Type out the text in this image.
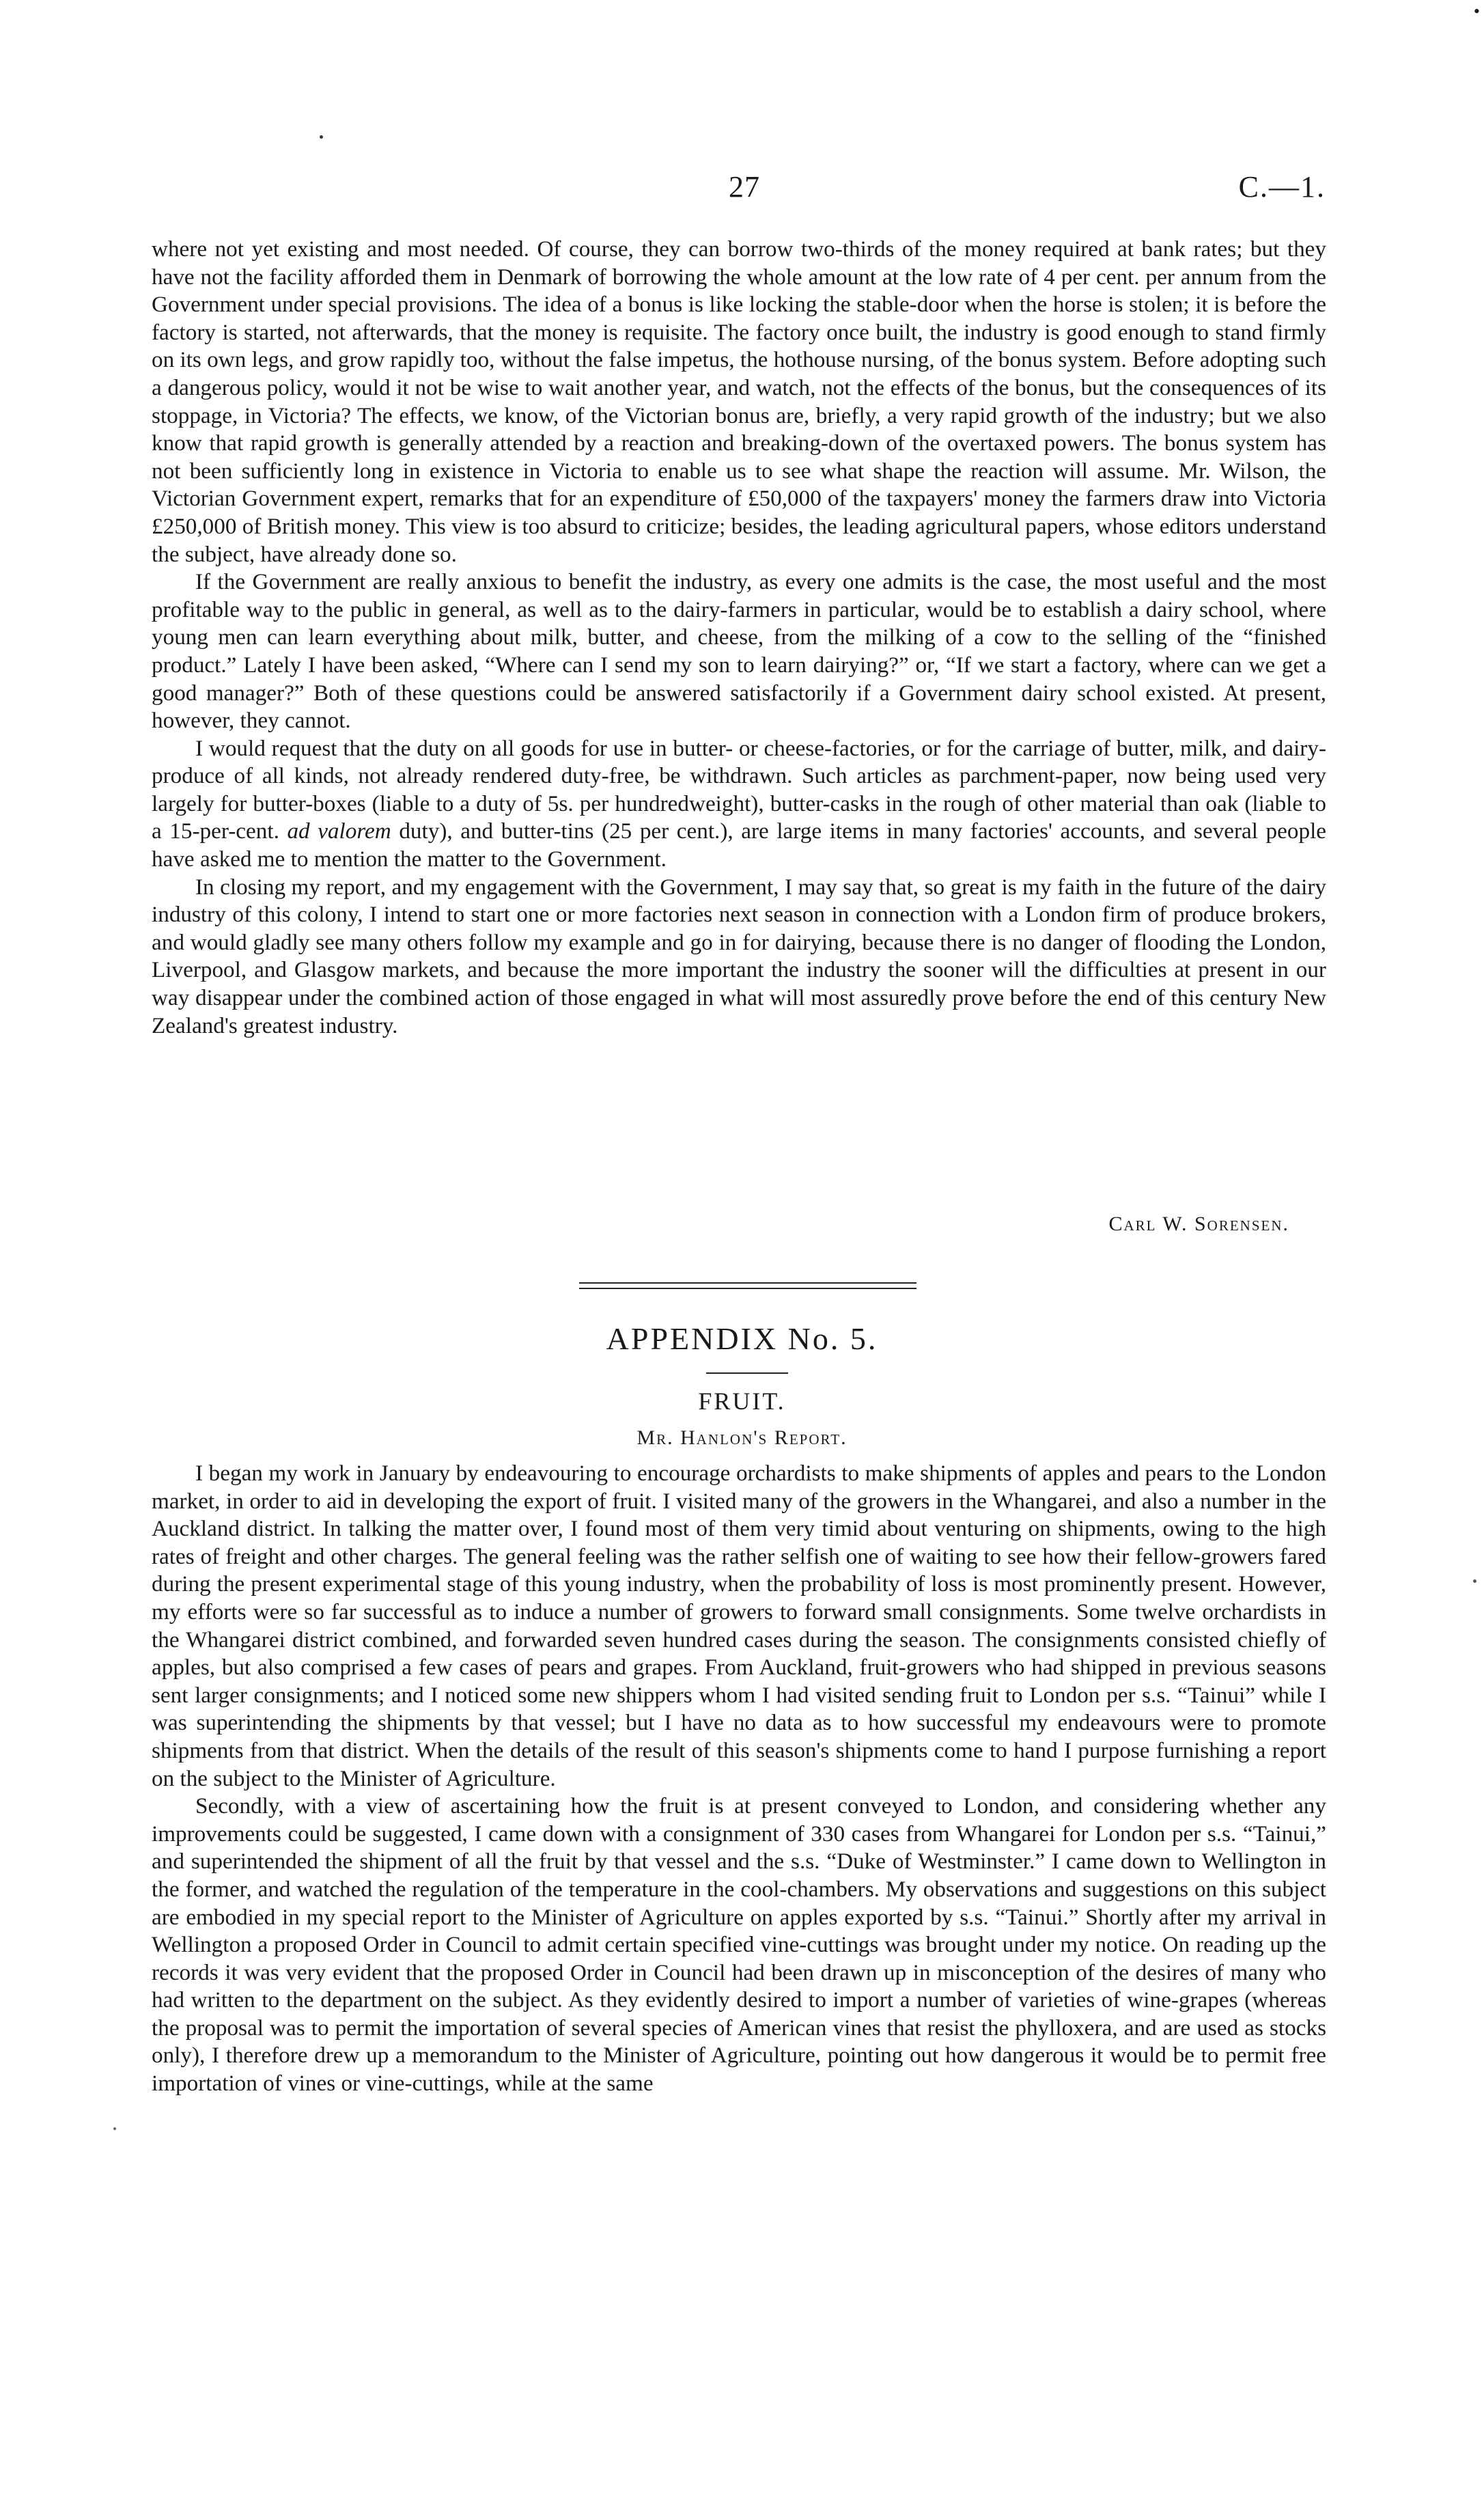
•
27	C.—1.

where not yet existing and most needed. Of course, they can borrow two-thirds of the money required at bank rates; but they have not the facility afforded them in Denmark of borrowing the whole amount at the low rate of 4 per cent. per annum from the Government under special provisions. The idea of a bonus is like locking the stable-door when the horse is stolen; it is before the factory is started, not afterwards, that the money is requisite. The factory once built, the industry is good enough to stand firmly on its own legs, and grow rapidly too, without the false impetus, the hothouse nursing, of the bonus system. Before adopting such a dangerous policy, would it not be wise to wait another year, and watch, not the effects of the bonus, but the consequences of its stoppage, in Victoria? The effects, we know, of the Victorian bonus are, briefly, a very rapid growth of the industry; but we also know that rapid growth is generally attended by a reaction and breaking-down of the overtaxed powers. The bonus system has not been sufficiently long in existence in Victoria to enable us to see what shape the reaction will assume. Mr. Wilson, the Victorian Government expert, remarks that for an expenditure of £50,000 of the taxpayers' money the farmers draw into Victoria £250,000 of British money. This view is too absurd to criticize; besides, the leading agricultural papers, whose editors understand the subject, have already done so.

If the Government are really anxious to benefit the industry, as every one admits is the case, the most useful and the most profitable way to the public in general, as well as to the dairy-farmers in particular, would be to establish a dairy school, where young men can learn everything about milk, butter, and cheese, from the milking of a cow to the selling of the “finished product.” Lately I have been asked, “Where can I send my son to learn dairying?” or, “If we start a factory, where can we get a good manager?” Both of these questions could be answered satisfactorily if a Government dairy school existed. At present, however, they cannot.

I would request that the duty on all goods for use in butter- or cheese-factories, or for the carriage of butter, milk, and dairy-produce of all kinds, not already rendered duty-free, be withdrawn. Such articles as parchment-paper, now being used very largely for butter-boxes (liable to a duty of 5s. per hundredweight), butter-casks in the rough of other material than oak (liable to a 15-per-cent. ad valorem duty), and butter-tins (25 per cent.), are large items in many factories' accounts, and several people have asked me to mention the matter to the Government.

In closing my report, and my engagement with the Government, I may say that, so great is my faith in the future of the dairy industry of this colony, I intend to start one or more factories next season in connection with a London firm of produce brokers, and would gladly see many others follow my example and go in for dairying, because there is no danger of flooding the London, Liverpool, and Glasgow markets, and because the more important the industry the sooner will the difficulties at present in our way disappear under the combined action of those engaged in what will most assuredly prove before the end of this century New Zealand's greatest industry.

Carl W. Sorensen.
APPENDIX No. 5.
FRUIT.
Mr. Hanlon's Report.

I began my work in January by endeavouring to encourage orchardists to make shipments of apples and pears to the London market, in order to aid in developing the export of fruit. I visited many of the growers in the Whangarei, and also a number in the Auckland district. In talking the matter over, I found most of them very timid about venturing on shipments, owing to the high rates of freight and other charges. The general feeling was the rather selfish one of waiting to see how their fellow-growers fared during the present experimental stage of this young industry, when the probability of loss is most prominently present. However, my efforts were so far successful as to induce a number of growers to forward small consignments. Some twelve orchardists in the Whangarei district combined, and forwarded seven hundred cases during the season. The consignments consisted chiefly of apples, but also comprised a few cases of pears and grapes. From Auckland, fruit-growers who had shipped in previous seasons sent larger consignments; and I noticed some new shippers whom I had visited sending fruit to London per s.s. “Tainui” while I was superintending the shipments by that vessel; but I have no data as to how successful my endeavours were to promote shipments from that district. When the details of the result of this season's shipments come to hand I purpose furnishing a report on the subject to the Minister of Agriculture.

Secondly, with a view of ascertaining how the fruit is at present conveyed to London, and considering whether any improvements could be suggested, I came down with a consignment of 330 cases from Whangarei for London per s.s. “Tainui,” and superintended the shipment of all the fruit by that vessel and the s.s. “Duke of Westminster.” I came down to Wellington in the former, and watched the regulation of the temperature in the cool-chambers. My observations and suggestions on this subject are embodied in my special report to the Minister of Agriculture on apples exported by s.s. “Tainui.” Shortly after my arrival in Wellington a proposed Order in Council to admit certain specified vine-cuttings was brought under my notice. On reading up the records it was very evident that the proposed Order in Council had been drawn up in misconception of the desires of many who had written to the department on the subject. As they evidently desired to import a number of varieties of wine-grapes (whereas the proposal was to permit the importation of several species of American vines that resist the phylloxera, and are used as stocks only), I therefore drew up a memorandum to the Minister of Agriculture, pointing out how dangerous it would be to permit free importation of vines or vine-cuttings, while at the same
